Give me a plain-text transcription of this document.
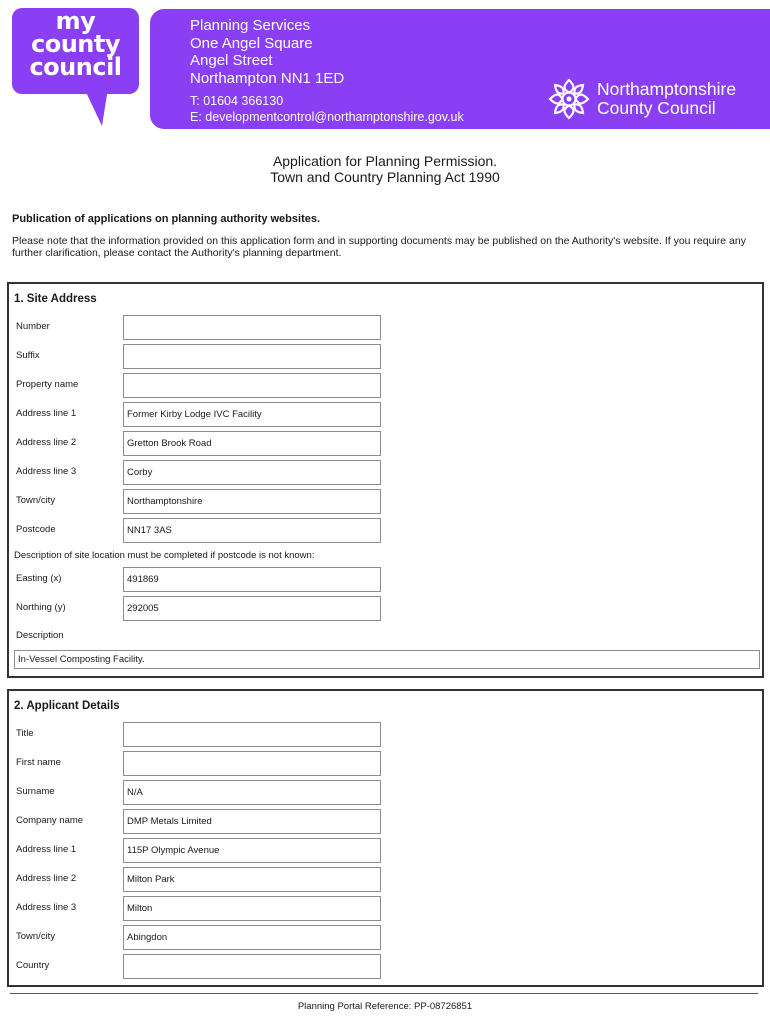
my
county
council
Planning Services
One Angel Square
Angel Street
Northampton NN1 1ED
T: 01604 366130
E: developmentcontrol@northamptonshire.gov.uk
Northamptonshire
County Council
Application for Planning Permission.
Town and Country Planning Act 1990
Publication of applications on planning authority websites.
Please note that the information provided on this application form and in supporting documents may be published on the Authority's website. If you require any further clarification, please contact the Authority's planning department.
1. Site Address
Number
Suffix
Property name
Address line 1	Former Kirby Lodge IVC Facility
Address line 2	Gretton Brook Road
Address line 3	Corby
Town/city	Northamptonshire
Postcode	NN17 3AS
Description of site location must be completed if postcode is not known:
Easting (x)	491869
Northing (y)	292005
Description
In-Vessel Composting Facility.
2. Applicant Details
Title
First name
Surname	N/A
Company name	DMP Metals Limited
Address line 1	115P Olympic Avenue
Address line 2	Milton Park
Address line 3	Milton
Town/city	Abingdon
Country
Planning Portal Reference: PP-08726851
